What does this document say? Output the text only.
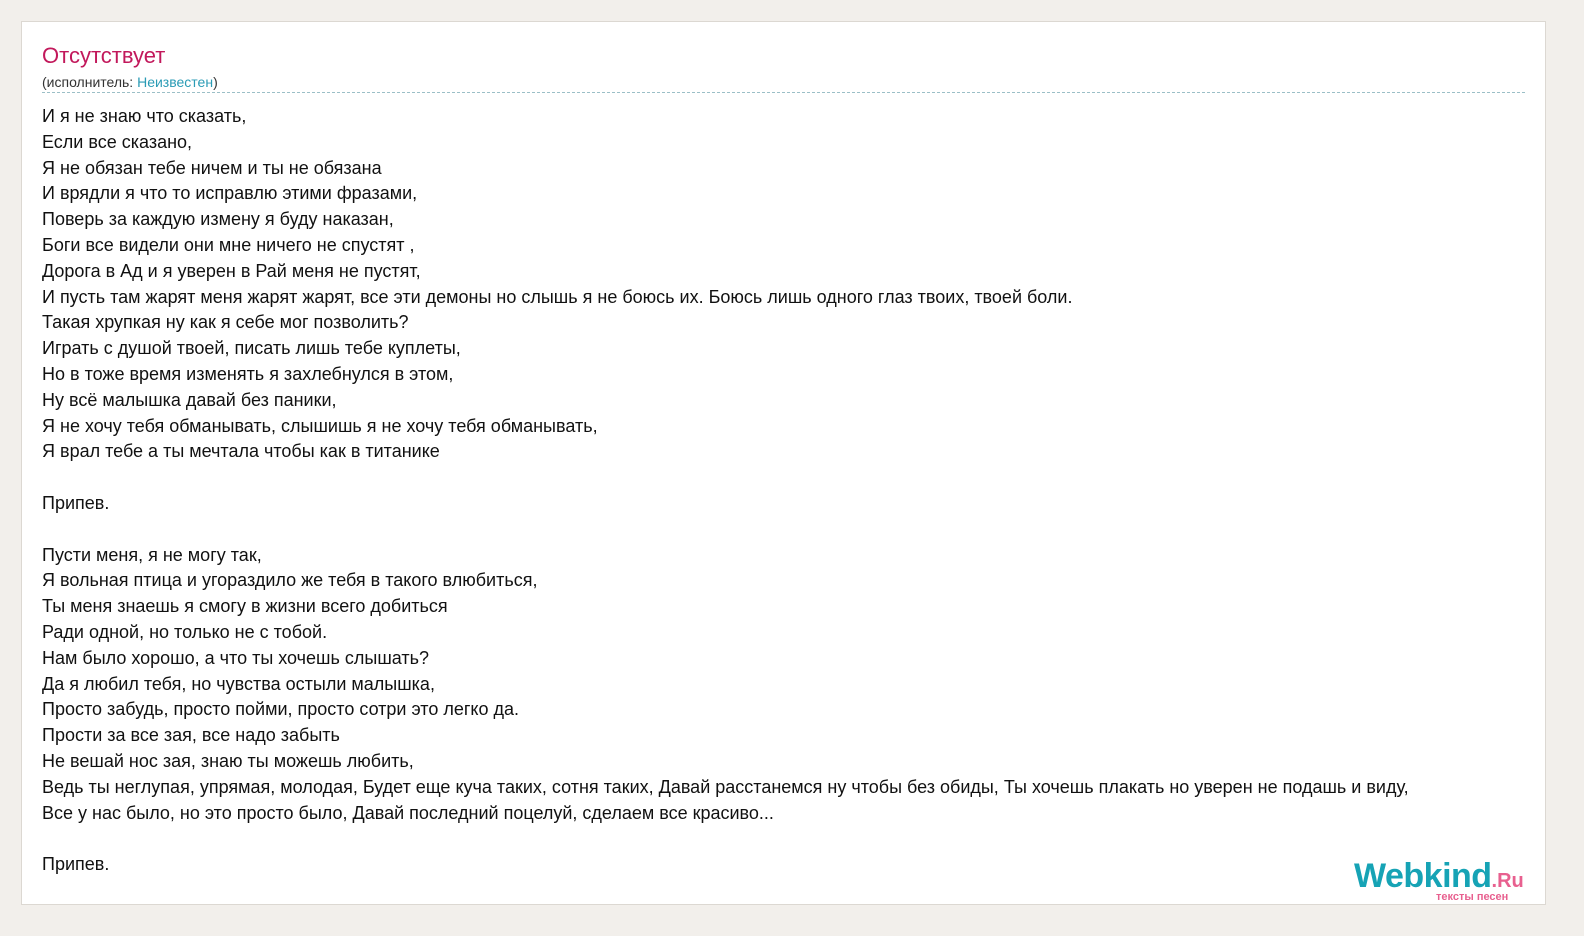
Отсутствует
(исполнитель: Неизвестен)
И я не знаю что сказать,
Если все сказано,
Я не обязан тебе ничем и ты не обязана
И врядли я что то исправлю этими фразами,
Поверь за каждую измену я буду наказан,
Боги все видели они мне ничего не спустят ,
Дорога в Ад и я уверен в Рай меня не пустят,
И пусть там жарят меня жарят жарят, все эти демоны но слышь я не боюсь их. Боюсь лишь одного глаз твоих, твоей боли.
Такая хрупкая ну как я себе мог позволить?
Играть с душой твоей, писать лишь тебе куплеты,
Но в тоже время изменять я захлебнулся в этом,
Ну всё малышка давай без паники,
Я не хочу тебя обманывать, слышишь я не хочу тебя обманывать,
Я врал тебе а ты мечтала чтобы как в титанике
Припев.
Пусти меня, я не могу так,
Я вольная птица и угораздило же тебя в такого влюбиться,
Ты меня знаешь я смогу в жизни всего добиться
Ради одной, но только не с тобой.
Нам было хорошо, а что ты хочешь слышать?
Да я любил тебя, но чувства остыли малышка,
Просто забудь, просто пойми, просто сотри это легко да.
Прости за все зая, все надо забыть
Не вешай нос зая, знаю ты можешь любить,
Ведь ты неглупая, упрямая, молодая, Будет еще куча таких, сотня таких, Давай расстанемся ну чтобы без обиды, Ты хочешь плакать но уверен не подашь и виду,
Все у нас было, но это просто было, Давай последний поцелуй, сделаем все красиво...
Припев.	Webkind.Ru
тексты песен
